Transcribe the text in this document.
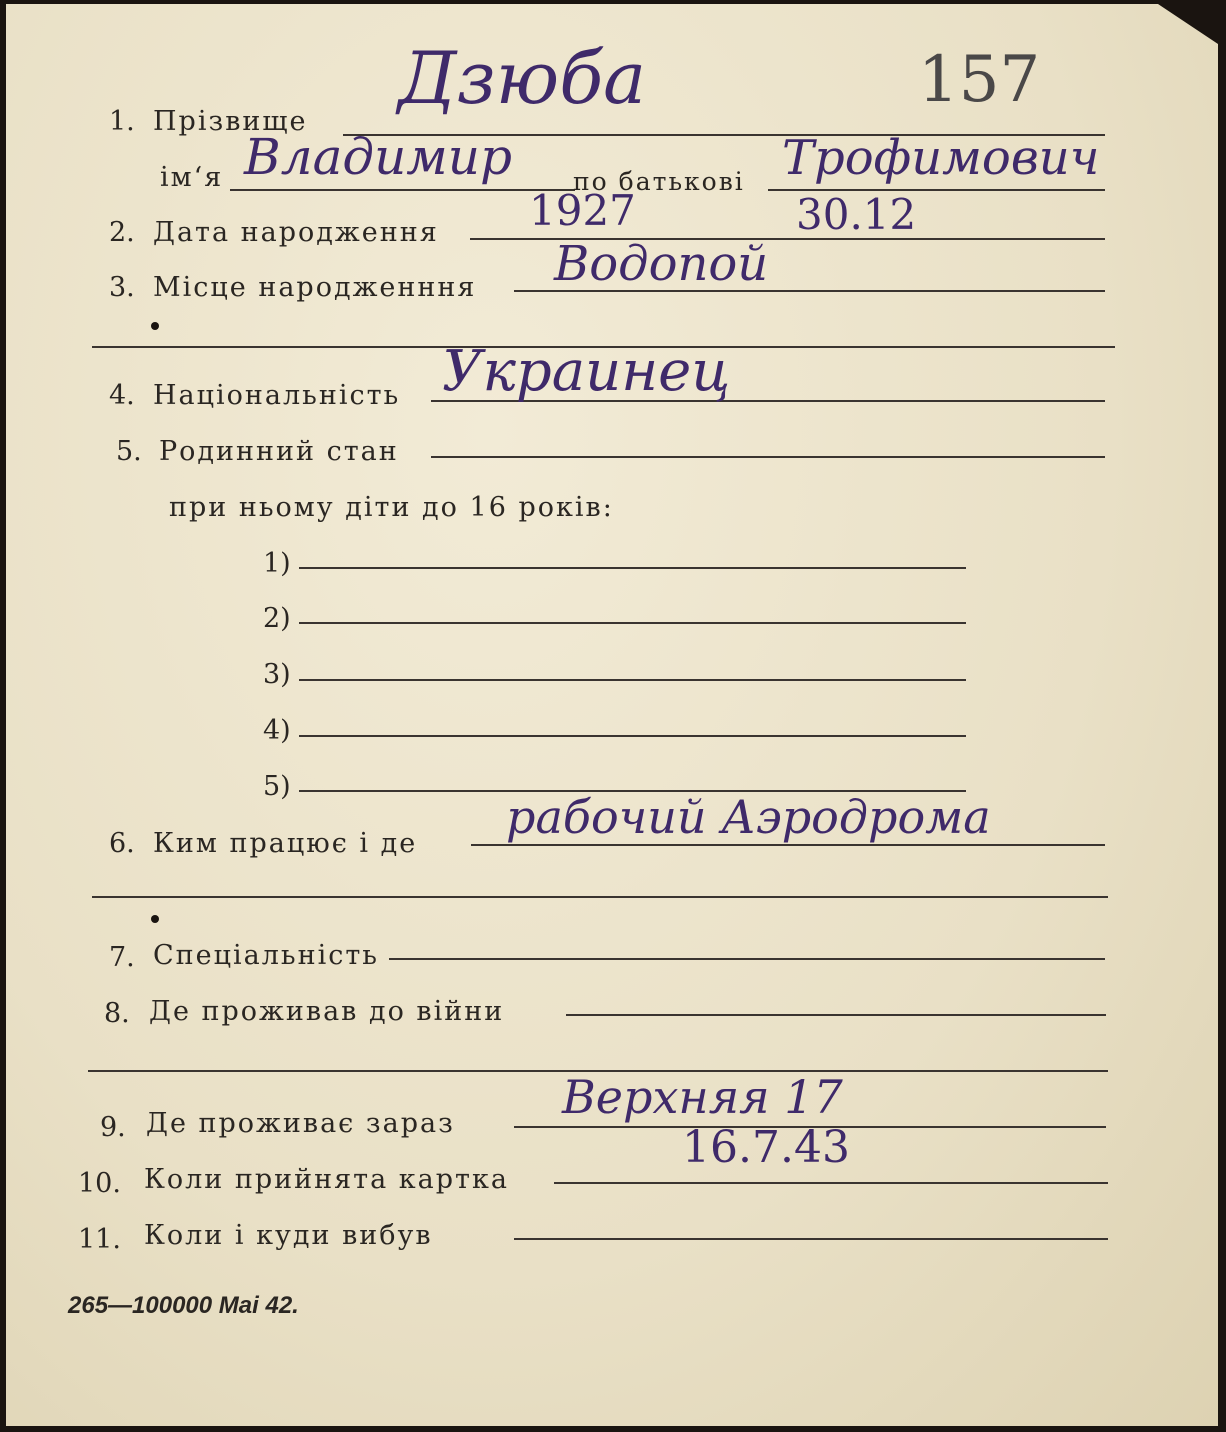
1. Прізвище
Дзюба	157
ім‘я Владимир по батькові Трофимович
2. Дата народження 1927	30.12
3. Місце народженння Водопой
4. Національність Украинец
5. Родинний стан
при ньому діти до 16 років:
1)
2)
3)
4)
5)
6. Ким працює і де рабочий Аэродрома
7. Спеціальність
8. Де проживав до війни
9. Де проживає зараз Верхняя 17
10. Коли прийнята картка
16.7.43
11. Коли і куди вибув
265—100000 Mai 42.
